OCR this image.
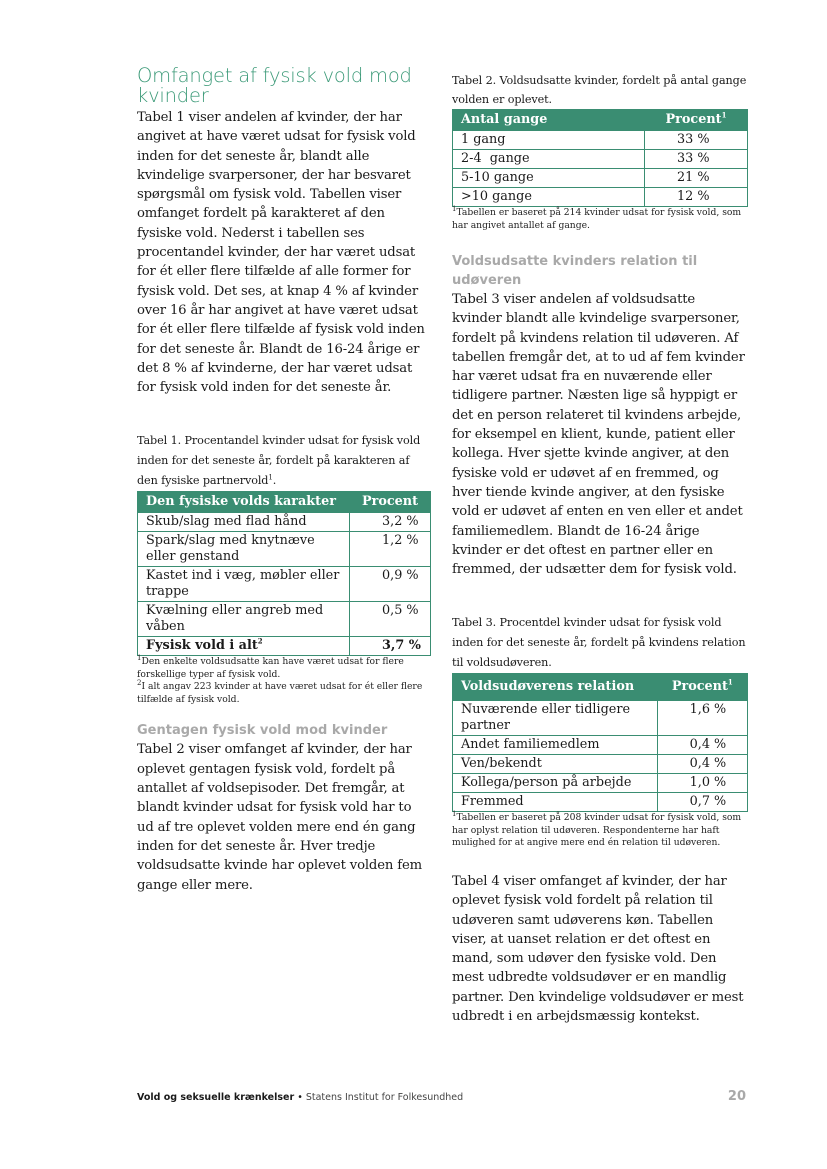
Omfanget af fysisk vold mod kvinder

Tabel 1 viser andelen af kvinder, der har angivet at have været udsat for fysisk vold inden for det seneste år, blandt alle kvindelige svarpersoner, der har besvaret spørgsmål om fysisk vold. Tabellen viser omfanget fordelt på karakteret af den fysiske vold. Nederst i tabellen ses procentandel kvinder, der har været udsat for ét eller flere tilfælde af alle former for fysisk vold. Det ses, at knap 4 % af kvinder over 16 år har angivet at have været udsat for ét eller flere tilfælde af fysisk vold inden for det seneste år. Blandt de 16-24 årige er det 8 % af kvinderne, der har været udsat for fysisk vold inden for det seneste år.

Tabel 1. Procentandel kvinder udsat for fysisk vold inden for det seneste år, fordelt på karakteren af den fysiske partnervold$^1$.

Den fysiske volds karakter	Procent
Skub/slag med flad hånd	3,2 %
Spark/slag med knytnæve eller genstand	1,2 %
Kastet ind i væg, møbler eller trappe	0,9 %
Kvælning eller angreb med våben	0,5 %
Fysisk vold i alt$^2$	3,7 %

$^1$Den enkelte voldsudsatte kan have været udsat for flere forskellige typer af fysisk vold.

$^2$I alt angav 223 kvinder at have været udsat for ét eller flere tilfælde af fysisk vold.

Gentagen fysisk vold mod kvinder

Tabel 2 viser omfanget af kvinder, der har oplevet gentagen fysisk vold, fordelt på antallet af voldsepisoder. Det fremgår, at blandt kvinder udsat for fysisk vold har to ud af tre oplevet volden mere end én gang inden for det seneste år. Hver tredje voldsudsatte kvinde har oplevet volden fem gange eller mere.

Tabel 2. Voldsudsatte kvinder, fordelt på antal gange volden er oplevet.

Antal gange	Procent$^1$
1 gang	33 %
2-4  gange	33 %
5-10 gange	21 %
>10 gange	12 %

$^1$Tabellen er baseret på 214 kvinder udsat for fysisk vold, som har angivet antallet af gange.

Voldsudsatte kvinders relation til udøveren

Tabel 3 viser andelen af voldsudsatte kvinder blandt alle kvindelige svarpersoner, fordelt på kvindens relation til udøveren. Af tabellen fremgår det, at to ud af fem kvinder har været udsat fra en nuværende eller tidligere partner. Næsten lige så hyppigt er det en person relateret til kvindens arbejde, for eksempel en klient, kunde, patient eller kollega. Hver sjette kvinde angiver, at den fysiske vold er udøvet af en fremmed, og hver tiende kvinde angiver, at den fysiske vold er udøvet af enten en ven eller et andet familiemedlem. Blandt de 16-24 årige kvinder er det oftest en partner eller en fremmed, der udsætter dem for fysisk vold.

Tabel 3. Procentdel kvinder udsat for fysisk vold inden for det seneste år, fordelt på kvindens relation til voldsudøveren.

Voldsudøverens relation	Procent$^1$
Nuværende eller tidligere partner	1,6 %
Andet familiemedlem	0,4 %
Ven/bekendt	0,4 %
Kollega/person på arbejde	1,0 %
Fremmed	0,7 %

$^1$Tabellen er baseret på 208 kvinder udsat for fysisk vold, som har oplyst relation til udøveren. Respondenterne har haft mulighed for at angive mere end én relation til udøveren.

Tabel 4 viser omfanget af kvinder, der har oplevet fysisk vold fordelt på relation til udøveren samt udøverens køn. Tabellen viser, at uanset relation er det oftest en mand, som udøver den fysiske vold. Den mest udbredte voldsudøver er en mandlig partner. Den kvindelige voldsudøver er mest udbredt i en arbejdsmæssig kontekst.

Vold og seksuelle krænkelser • Statens Institut for Folkesundhed	20
